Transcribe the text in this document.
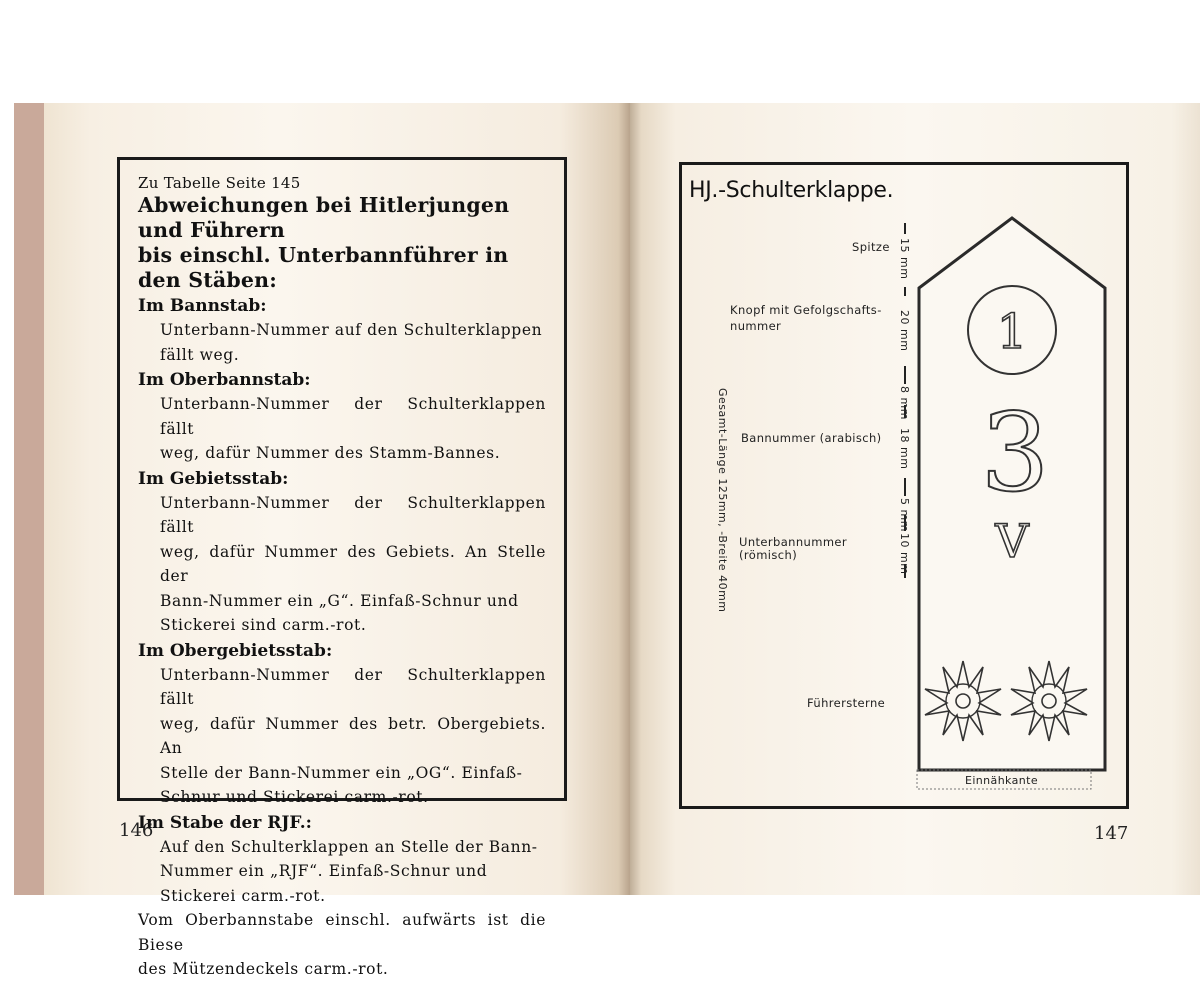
Zu Tabelle Seite 145
Abweichungen bei Hitlerjungen und Führern
bis einschl. Unterbannführer in den Stäben:
Im Bannstab:
Unterbann-Nummer auf den Schulterklappen
fällt weg.
Im Oberbannstab:
Unterbann-Nummer der Schulterklappen fällt
weg, dafür Nummer des Stamm-Bannes.
Im Gebietsstab:
Unterbann-Nummer der Schulterklappen fällt
weg, dafür Nummer des Gebiets. An Stelle der
Bann-Nummer ein „G“. Einfaß-Schnur und
Stickerei sind carm.-rot.
Im Obergebietsstab:
Unterbann-Nummer der Schulterklappen fällt
weg, dafür Nummer des betr. Obergebiets. An
Stelle der Bann-Nummer ein „OG“. Einfaß-
Schnur und Stickerei carm.-rot.
Im Stabe der RJF.:
Auf den Schulterklappen an Stelle der Bann-
Nummer ein „RJF“. Einfaß-Schnur und
Stickerei carm.-rot.
Vom Oberbannstabe einschl. aufwärts ist die Biese
des Mützendeckels carm.-rot.
146
HJ.-Schulterklappe.
1
3
V
Spitze
Knopf mit Gefolgschafts-
nummer
Bannummer (arabisch)
Unterbannummer
(römisch)
Führersterne
Einnähkante
Gesamt-Länge 125mm, -Breite 40mm
15 mm
20 mm
8 mm
18 mm
5 mm
10 mm
147
